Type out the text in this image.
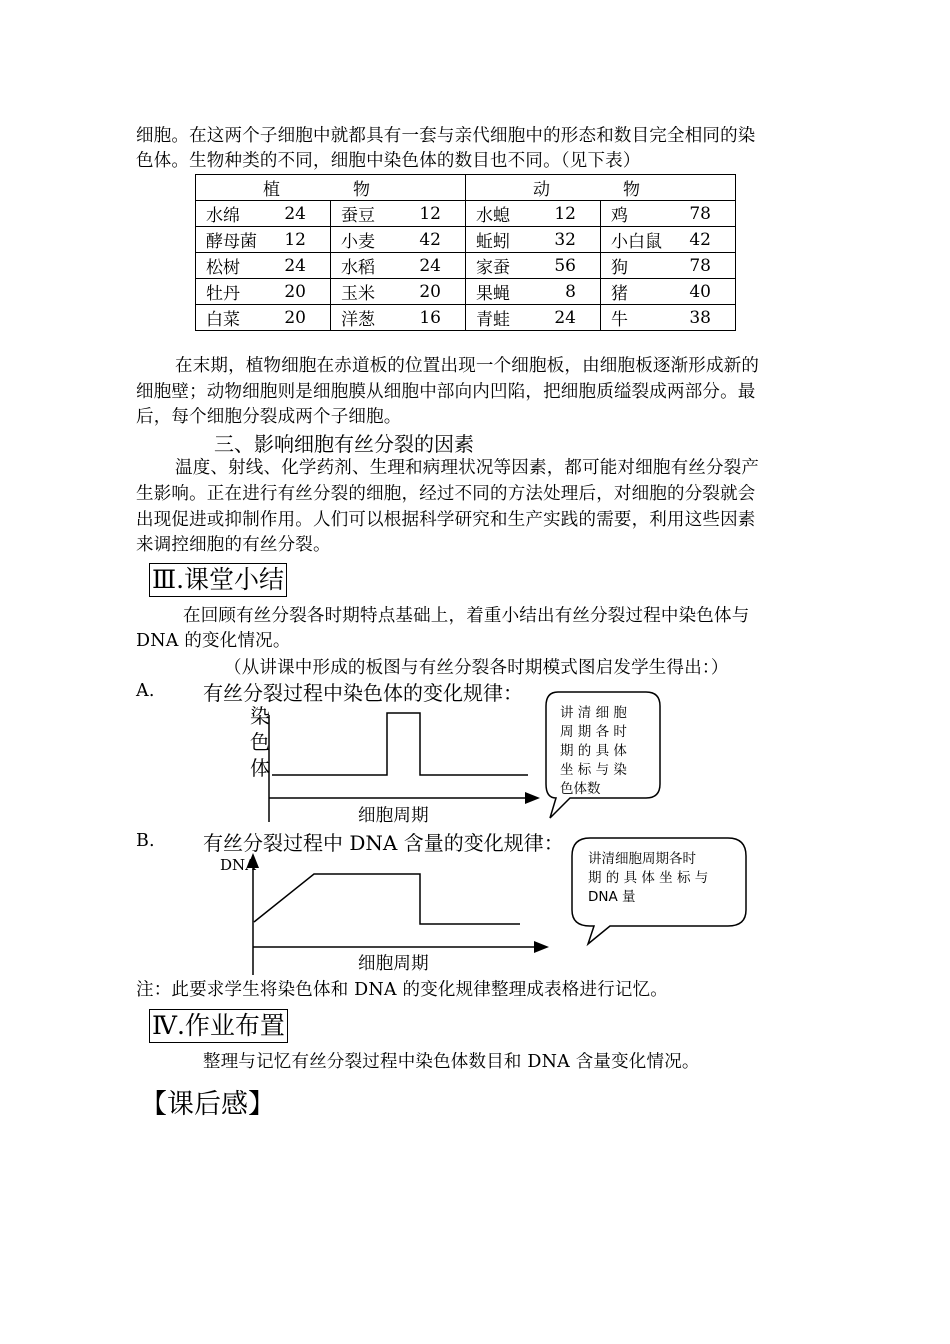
细胞。在这两个子细胞中就都具有一套与亲代细胞中的形态和数目完全相同的染
色体。生物种类的不同，细胞中染色体的数目也不同。（见下表）
植　物				动　物			
水绵	24	蚕豆	12	水螅	12	鸡	78
酵母菌	12	小麦	42	蚯蚓	32	小白鼠	42
松树	24	水稻	24	家蚕	56	狗	78
牡丹	20	玉米	20	果蝇	8	猪	40
白菜	20	洋葱	16	青蛙	24	牛	38
在末期，植物细胞在赤道板的位置出现一个细胞板，由细胞板逐渐形成新的
细胞壁；动物细胞则是细胞膜从细胞中部向内凹陷，把细胞质缢裂成两部分。最
后，每个细胞分裂成两个子细胞。
三、影响细胞有丝分裂的因素
温度、射线、化学药剂、生理和病理状况等因素，都可能对细胞有丝分裂产
生影响。正在进行有丝分裂的细胞，经过不同的方法处理后，对细胞的分裂就会
出现促进或抑制作用。人们可以根据科学研究和生产实践的需要，利用这些因素
来调控细胞的有丝分裂。
Ⅲ.课堂小结
在回顾有丝分裂各时期特点基础上，着重小结出有丝分裂过程中染色体与
DNA 的变化情况。
（从讲课中形成的板图与有丝分裂各时期模式图启发学生得出：）
A. 有丝分裂过程中染色体的变化规律：
染
色
体
讲 清 细 胞
周 期 各 时
期 的 具 体
坐 标 与 染
色体数
细胞周期
B. 有丝分裂过程中 DNA 含量的变化规律：
DNA	讲清细胞周期各时
期 的 具 体 坐 标 与
DNA 量
细胞周期
注：此要求学生将染色体和 DNA 的变化规律整理成表格进行记忆。
Ⅳ.作业布置
整理与记忆有丝分裂过程中染色体数目和 DNA 含量变化情况。
【课后感】
